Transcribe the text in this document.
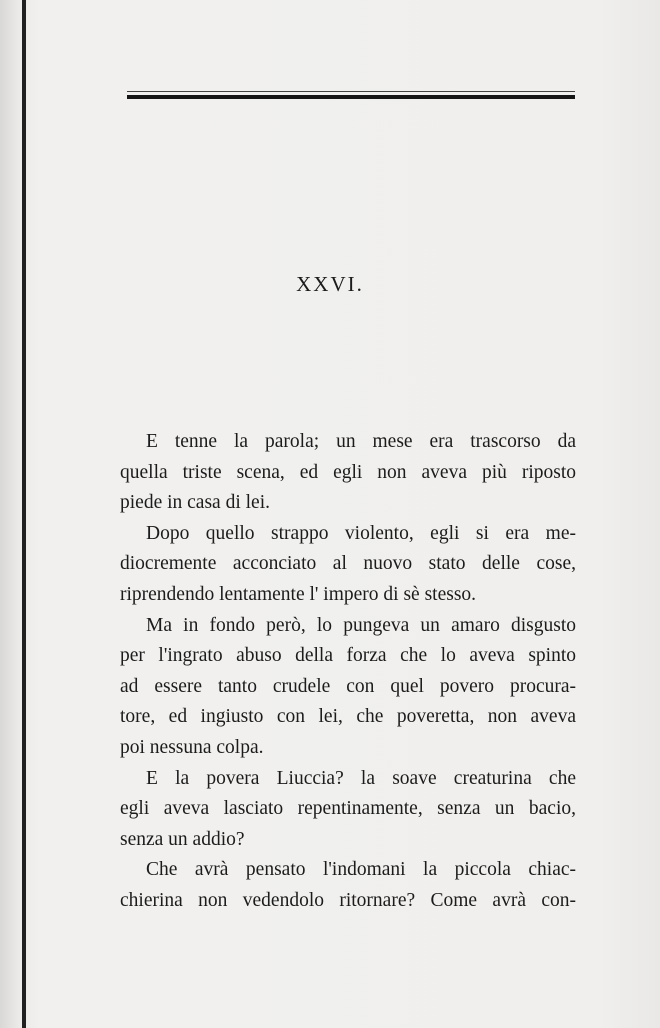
XXVI.
E tenne la parola; un mese era trascorso da
quella triste scena, ed egli non aveva più riposto
piede in casa di lei.
Dopo quello strappo violento, egli si era me-
diocremente acconciato al nuovo stato delle cose,
riprendendo lentamente l' impero di sè stesso.
Ma in fondo però, lo pungeva un amaro disgusto
per l'ingrato abuso della forza che lo aveva spinto
ad essere tanto crudele con quel povero procura-
tore, ed ingiusto con lei, che poveretta, non aveva
poi nessuna colpa.
E la povera Liuccia? la soave creaturina che
egli aveva lasciato repentinamente, senza un bacio,
senza un addio?
Che avrà pensato l'indomani la piccola chiac-
chierina non vedendolo ritornare? Come avrà con-
